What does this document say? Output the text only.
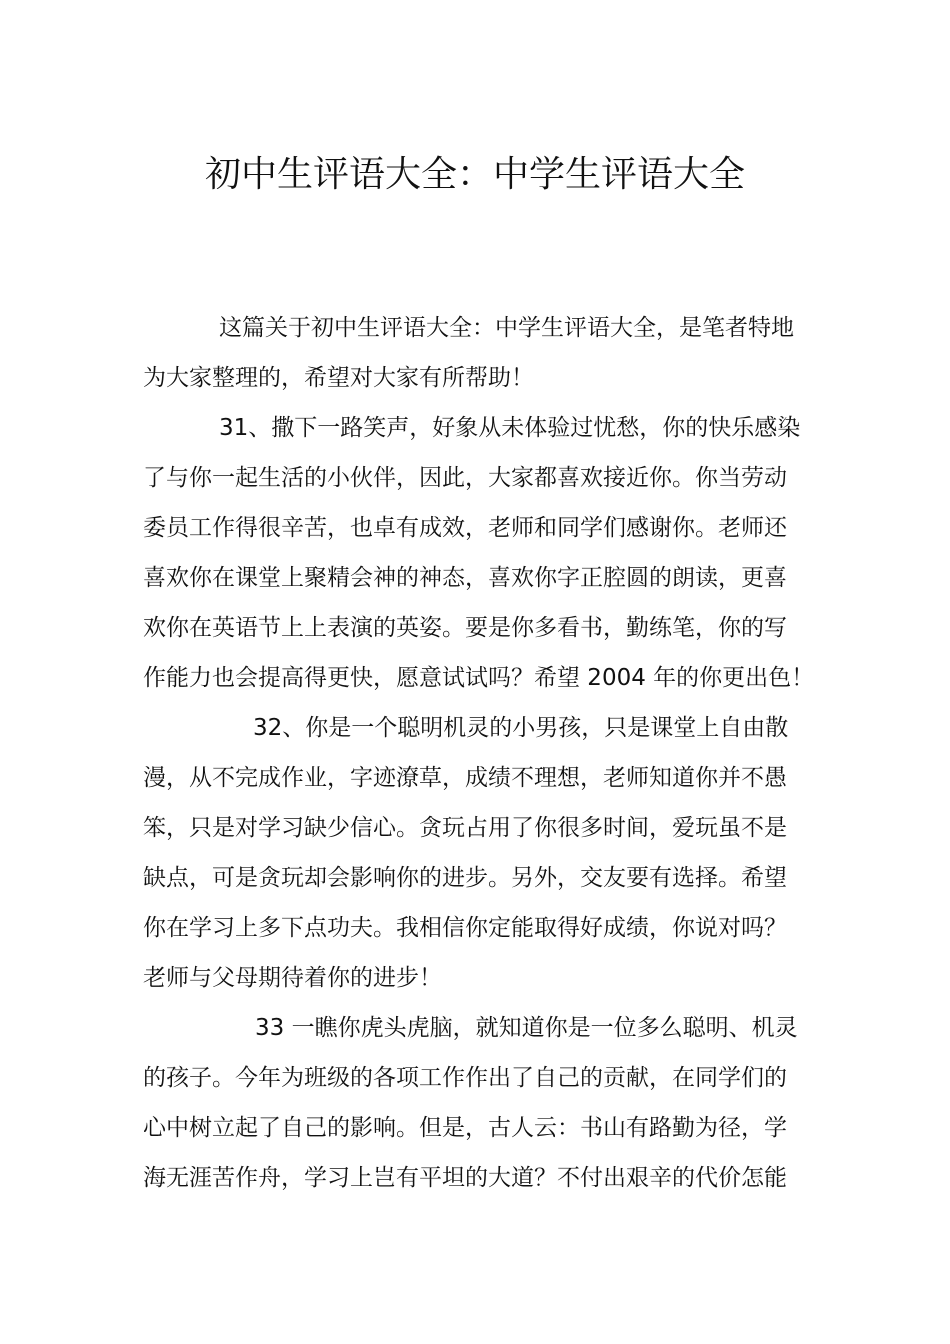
初中生评语大全：中学生评语大全
这篇关于初中生评语大全：中学生评语大全，是笔者特地
为大家整理的，希望对大家有所帮助！
31、撒下一路笑声，好象从未体验过忧愁，你的快乐感染
了与你一起生活的小伙伴，因此，大家都喜欢接近你。你当劳动
委员工作得很辛苦，也卓有成效，老师和同学们感谢你。老师还
喜欢你在课堂上聚精会神的神态，喜欢你字正腔圆的朗读，更喜
欢你在英语节上上表演的英姿。要是你多看书，勤练笔，你的写
作能力也会提高得更快，愿意试试吗？希望 2004 年的你更出色！
32、你是一个聪明机灵的小男孩，只是课堂上自由散
漫，从不完成作业，字迹潦草，成绩不理想，老师知道你并不愚
笨，只是对学习缺少信心。贪玩占用了你很多时间，爱玩虽不是
缺点，可是贪玩却会影响你的进步。另外，交友要有选择。希望
你在学习上多下点功夫。我相信你定能取得好成绩，你说对吗？
老师与父母期待着你的进步！
33 一瞧你虎头虎脑，就知道你是一位多么聪明、机灵
的孩子。今年为班级的各项工作作出了自己的贡献，在同学们的
心中树立起了自己的影响。但是，古人云：书山有路勤为径，学
海无涯苦作舟，学习上岂有平坦的大道？不付出艰辛的代价怎能
